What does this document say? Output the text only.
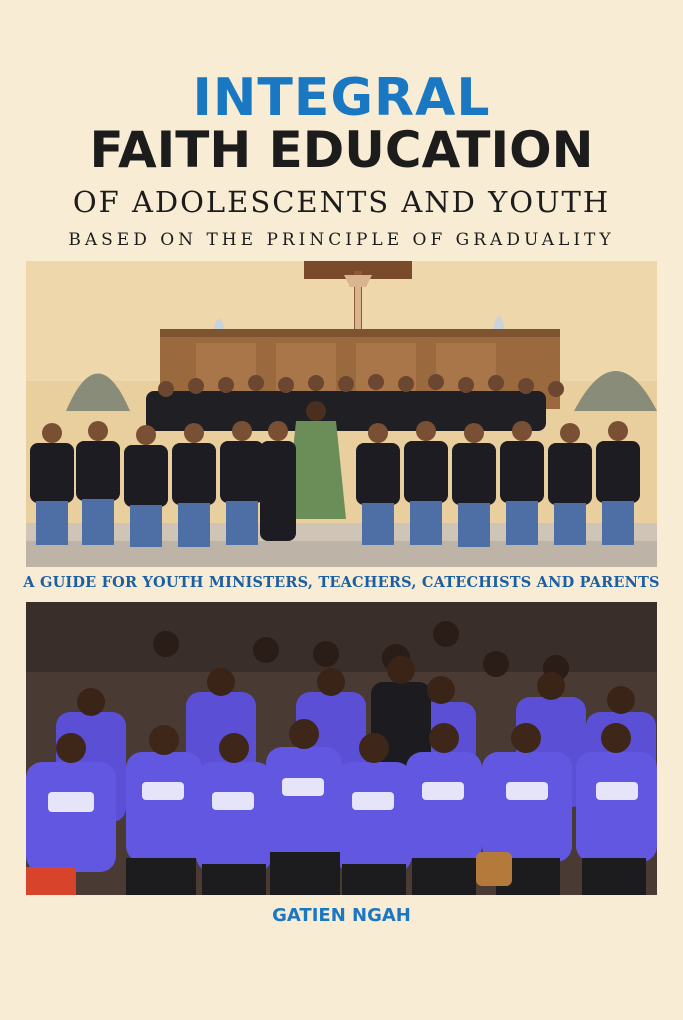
INTEGRAL
FAITH EDUCATION
OF ADOLESCENTS AND YOUTH
BASED ON THE PRINCIPLE OF GRADUALITY
A GUIDE FOR YOUTH MINISTERS, TEACHERS, CATECHISTS AND PARENTS
GATIEN NGAH
